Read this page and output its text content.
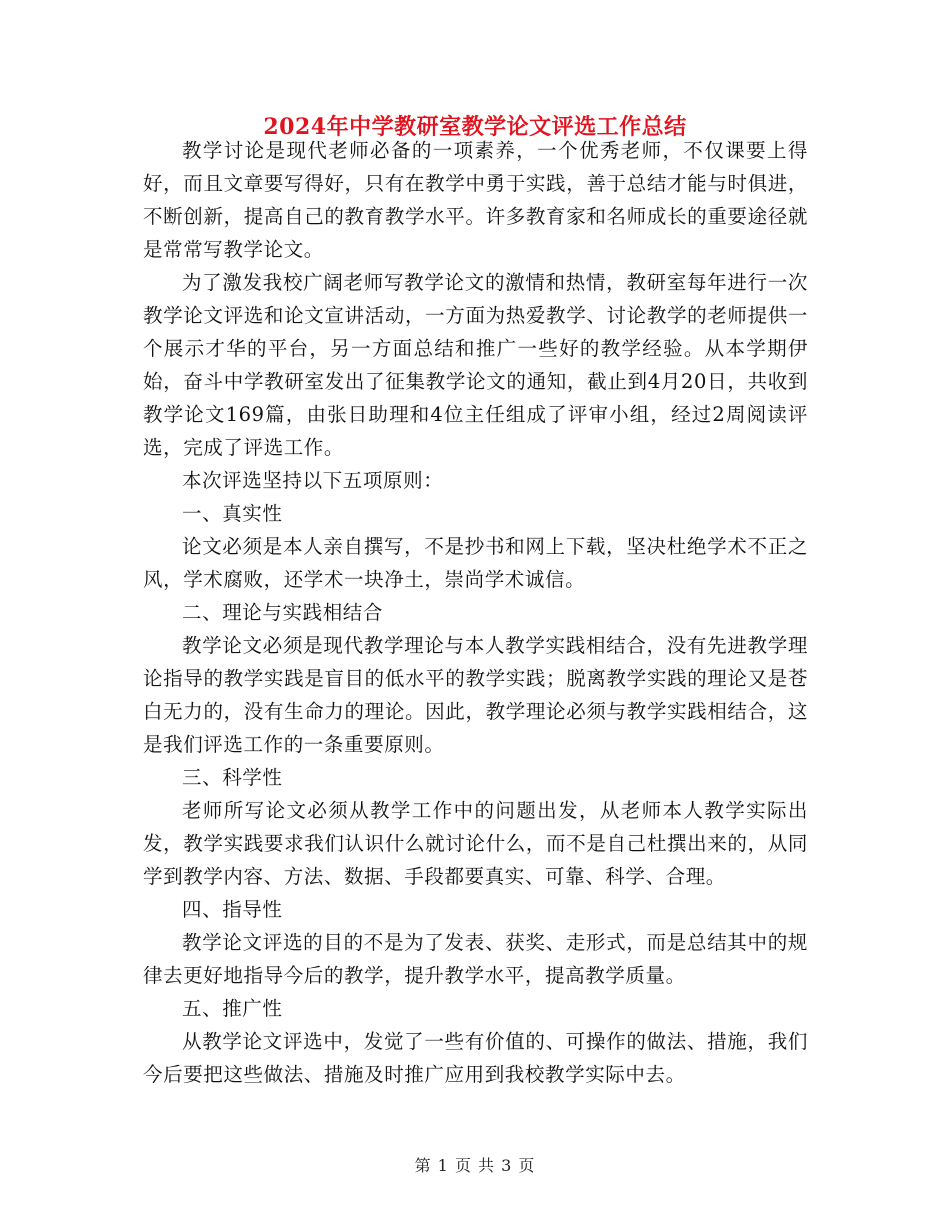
2024年中学教研室教学论文评选工作总结

教学讨论是现代老师必备的一项素养，一个优秀老师，不仅课要上得好，而且文章要写得好，只有在教学中勇于实践，善于总结才能与时俱进，不断创新，提高自己的教育教学水平。许多教育家和名师成长的重要途径就是常常写教学论文。

为了激发我校广阔老师写教学论文的激情和热情，教研室每年进行一次教学论文评选和论文宣讲活动，一方面为热爱教学、讨论教学的老师提供一个展示才华的平台，另一方面总结和推广一些好的教学经验。从本学期伊始，奋斗中学教研室发出了征集教学论文的通知，截止到4月20日，共收到教学论文169篇，由张日助理和4位主任组成了评审小组，经过2周阅读评选，完成了评选工作。

本次评选坚持以下五项原则：

一、真实性

论文必须是本人亲自撰写，不是抄书和网上下载，坚决杜绝学术不正之风，学术腐败，还学术一块净土，崇尚学术诚信。

二、理论与实践相结合

教学论文必须是现代教学理论与本人教学实践相结合，没有先进教学理论指导的教学实践是盲目的低水平的教学实践；脱离教学实践的理论又是苍白无力的，没有生命力的理论。因此，教学理论必须与教学实践相结合，这是我们评选工作的一条重要原则。

三、科学性

老师所写论文必须从教学工作中的问题出发，从老师本人教学实际出发，教学实践要求我们认识什么就讨论什么，而不是自己杜撰出来的，从同学到教学内容、方法、数据、手段都要真实、可靠、科学、合理。

四、指导性

教学论文评选的目的不是为了发表、获奖、走形式，而是总结其中的规律去更好地指导今后的教学，提升教学水平，提高教学质量。

五、推广性

从教学论文评选中，发觉了一些有价值的、可操作的做法、措施，我们今后要把这些做法、措施及时推广应用到我校教学实际中去。

第 1 页 共 3 页
